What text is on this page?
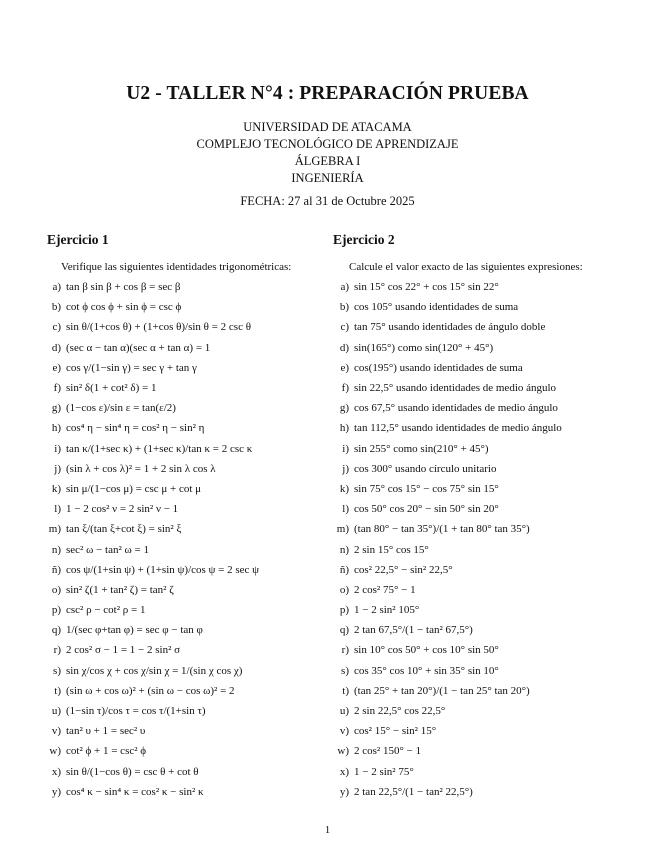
U2 - TALLER N°4 : PREPARACIÓN PRUEBA
UNIVERSIDAD DE ATACAMA
COMPLEJO TECNOLÓGICO DE APRENDIZAJE
ÁLGEBRA I
INGENIERÍA
FECHA: 27 al 31 de Octubre 2025
Ejercicio 1
Verifique las siguientes identidades trigonométricas:
a) tan β sin β + cos β = sec β
b) cot ϕ cos ϕ + sin ϕ = csc ϕ
c) sin θ/(1+cos θ) + (1+cos θ)/sin θ = 2 csc θ
d) (sec α − tan α)(sec α + tan α) = 1
e) cos γ/(1−sin γ) = sec γ + tan γ
f) sin² δ(1 + cot² δ) = 1
g) (1−cos ε)/sin ε = tan(ε/2)
h) cos⁴ η − sin⁴ η = cos² η − sin² η
i) tan κ/(1+sec κ) + (1+sec κ)/tan κ = 2 csc κ
j) (sin λ + cos λ)² = 1 + 2 sin λ cos λ
k) sin μ/(1−cos μ) = csc μ + cot μ
l) 1 − 2 cos² ν = 2 sin² ν − 1
m) tan ξ/(tan ξ+cot ξ) = sin² ξ
n) sec² ω − tan² ω = 1
ñ) cos ψ/(1+sin ψ) + (1+sin ψ)/cos ψ = 2 sec ψ
o) sin² ζ(1 + tan² ζ) = tan² ζ
p) csc² ρ − cot² ρ = 1
q) 1/(sec φ+tan φ) = sec φ − tan φ
r) 2 cos² σ − 1 = 1 − 2 sin² σ
s) sin χ/cos χ + cos χ/sin χ = 1/(sin χ cos χ)
t) (sin ω + cos ω)² + (sin ω − cos ω)² = 2
u) (1−sin τ)/cos τ = cos τ/(1+sin τ)
v) tan² υ + 1 = sec² υ
w) cot² ϕ + 1 = csc² ϕ
x) sin θ/(1−cos θ) = csc θ + cot θ
y) cos⁴ κ − sin⁴ κ = cos² κ − sin² κ
Ejercicio 2
Calcule el valor exacto de las siguientes expresiones:
a) sin 15° cos 22° + cos 15° sin 22°
b) cos 105° usando identidades de suma
c) tan 75° usando identidades de ángulo doble
d) sin(165°) como sin(120° + 45°)
e) cos(195°) usando identidades de suma
f) sin 22,5° usando identidades de medio ángulo
g) cos 67,5° usando identidades de medio ángulo
h) tan 112,5° usando identidades de medio ángulo
i) sin 255° como sin(210° + 45°)
j) cos 300° usando círculo unitario
k) sin 75° cos 15° − cos 75° sin 15°
l) cos 50° cos 20° − sin 50° sin 20°
m) (tan 80° − tan 35°)/(1 + tan 80° tan 35°)
n) 2 sin 15° cos 15°
ñ) cos² 22,5° − sin² 22,5°
o) 2 cos² 75° − 1
p) 1 − 2 sin² 105°
q) 2 tan 67,5°/(1 − tan² 67,5°)
r) sin 10° cos 50° + cos 10° sin 50°
s) cos 35° cos 10° + sin 35° sin 10°
t) (tan 25° + tan 20°)/(1 − tan 25° tan 20°)
u) 2 sin 22,5° cos 22,5°
v) cos² 15° − sin² 15°
w) 2 cos² 150° − 1
x) 1 − 2 sin² 75°
y) 2 tan 22,5°/(1 − tan² 22,5°)
1
